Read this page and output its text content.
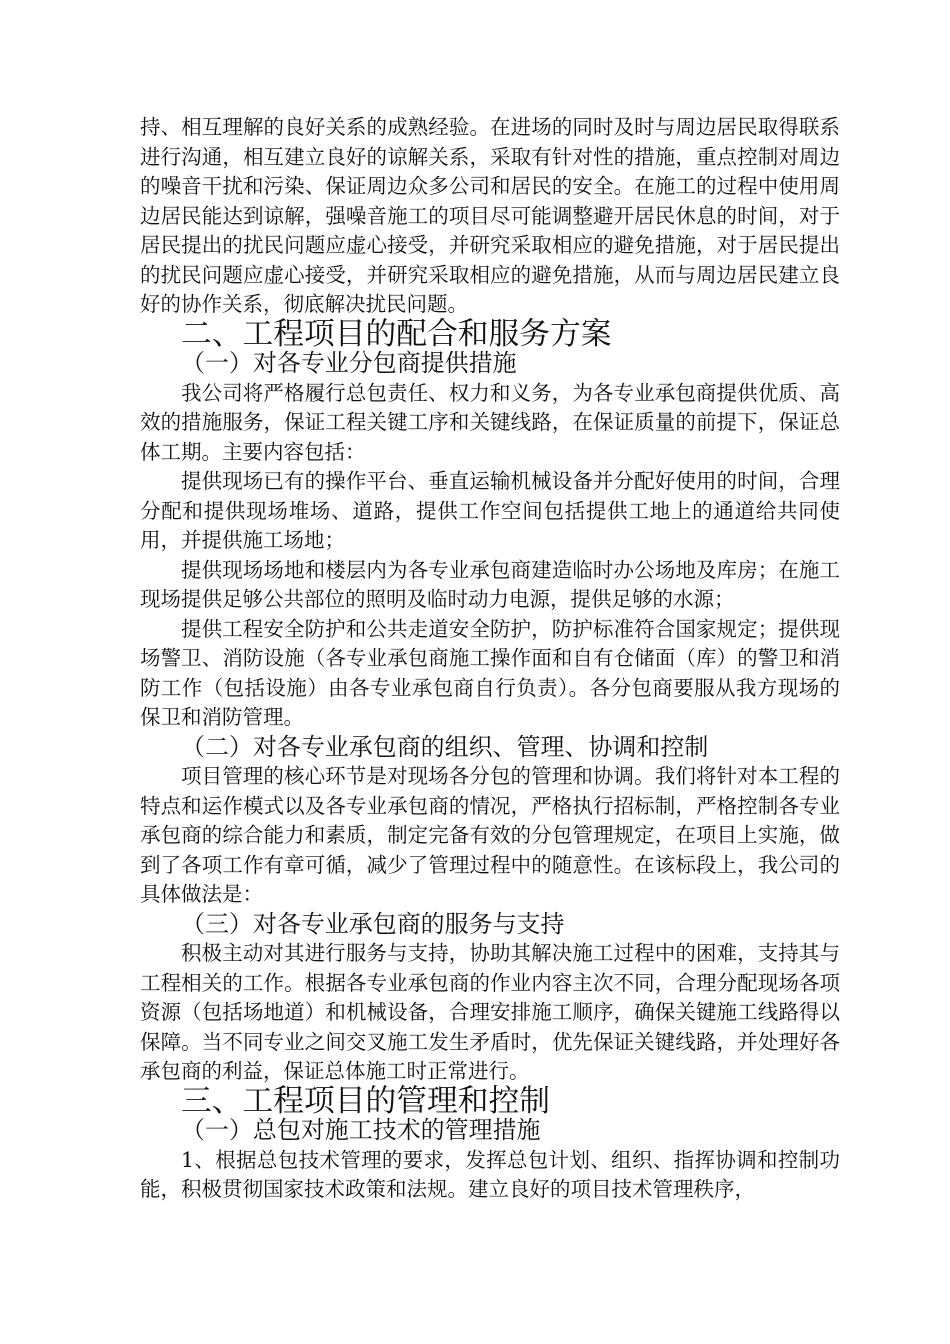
持、相互理解的良好关系的成熟经验。在进场的同时及时与周边居民取得联系进行沟通，相互建立良好的谅解关系，采取有针对性的措施，重点控制对周边的噪音干扰和污染、保证周边众多公司和居民的安全。在施工的过程中使用周边居民能达到谅解，强噪音施工的项目尽可能调整避开居民休息的时间，对于居民提出的扰民问题应虚心接受，并研究采取相应的避免措施，对于居民提出的扰民问题应虚心接受，并研究采取相应的避免措施，从而与周边居民建立良好的协作关系，彻底解决扰民问题。

二、工程项目的配合和服务方案
（一）对各专业分包商提供措施

我公司将严格履行总包责任、权力和义务，为各专业承包商提供优质、高效的措施服务，保证工程关键工序和关键线路，在保证质量的前提下，保证总体工期。主要内容包括：

提供现场已有的操作平台、垂直运输机械设备并分配好使用的时间，合理分配和提供现场堆场、道路，提供工作空间包括提供工地上的通道给共同使用，并提供施工场地；

提供现场场地和楼层内为各专业承包商建造临时办公场地及库房；在施工现场提供足够公共部位的照明及临时动力电源，提供足够的水源；

提供工程安全防护和公共走道安全防护，防护标准符合国家规定；提供现场警卫、消防设施（各专业承包商施工操作面和自有仓储面（库）的警卫和消防工作（包括设施）由各专业承包商自行负责）。各分包商要服从我方现场的保卫和消防管理。

（二）对各专业承包商的组织、管理、协调和控制

项目管理的核心环节是对现场各分包的管理和协调。我们将针对本工程的特点和运作模式以及各专业承包商的情况，严格执行招标制，严格控制各专业承包商的综合能力和素质，制定完备有效的分包管理规定，在项目上实施，做到了各项工作有章可循，减少了管理过程中的随意性。在该标段上，我公司的具体做法是：

（三）对各专业承包商的服务与支持

积极主动对其进行服务与支持，协助其解决施工过程中的困难，支持其与工程相关的工作。根据各专业承包商的作业内容主次不同，合理分配现场各项资源（包括场地道）和机械设备，合理安排施工顺序，确保关键施工线路得以保障。当不同专业之间交叉施工发生矛盾时，优先保证关键线路，并处理好各承包商的利益，保证总体施工时正常进行。

三、工程项目的管理和控制
（一）总包对施工技术的管理措施

1、根据总包技术管理的要求，发挥总包计划、组织、指挥协调和控制功能，积极贯彻国家技术政策和法规。建立良好的项目技术管理秩序，
